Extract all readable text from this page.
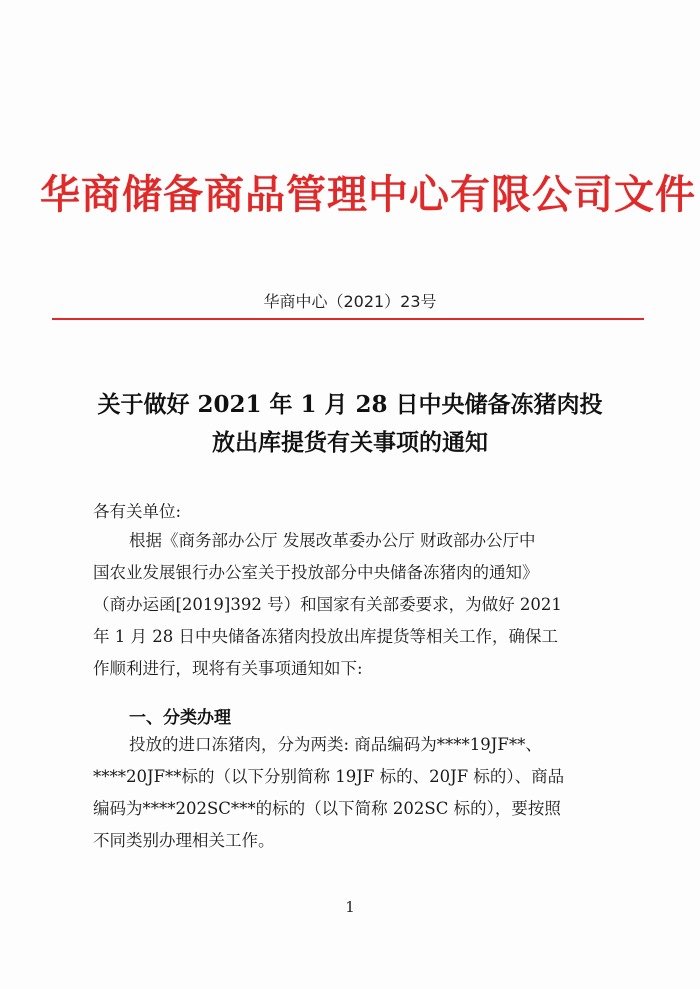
华商储备商品管理中心有限公司文件
华商中心（2021）23号
关于做好 2021 年 1 月 28 日中央储备冻猪肉投
放出库提货有关事项的通知
各有关单位:
根据《商务部办公厅 发展改革委办公厅 财政部办公厅中
国农业发展银行办公室关于投放部分中央储备冻猪肉的通知》
（商办运函[2019]392 号）和国家有关部委要求，为做好 2021
年 1 月 28 日中央储备冻猪肉投放出库提货等相关工作，确保工
作顺利进行，现将有关事项通知如下:
一、分类办理
投放的进口冻猪肉，分为两类: 商品编码为****19JF**、
****20JF**标的（以下分别简称 19JF 标的、20JF 标的）、商品
编码为****202SC***的标的（以下简称 202SC 标的），要按照
不同类别办理相关工作。
1
